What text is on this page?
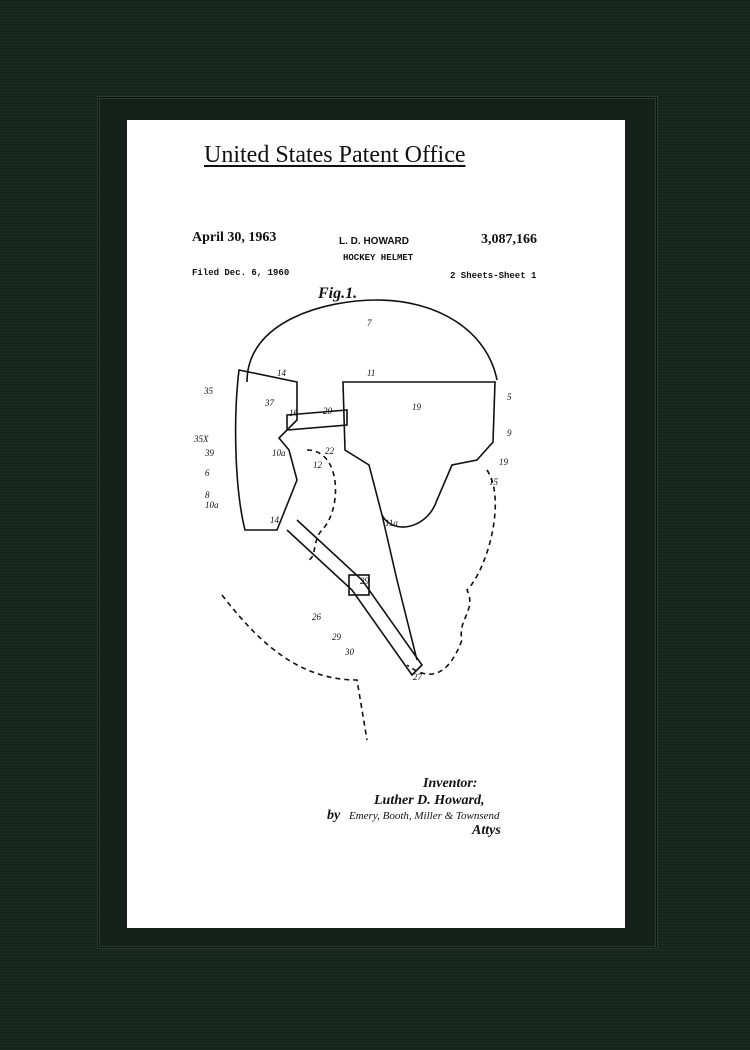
United States Patent Office
April 30, 1963	L. D. HOWARD	3,087,166
HOCKEY HELMET
Filed Dec. 6, 1960	2 Sheets-Sheet 1
Fig.1.
7
14	11
5
35
37
16	20	19
9
35X
39	10a	22
12	19
15
6
8
10a
14	11a
29
26
29
30
27
Inventor:
Luther D. Howard,
by Emery, Booth, Miller & Townsend
Attys
